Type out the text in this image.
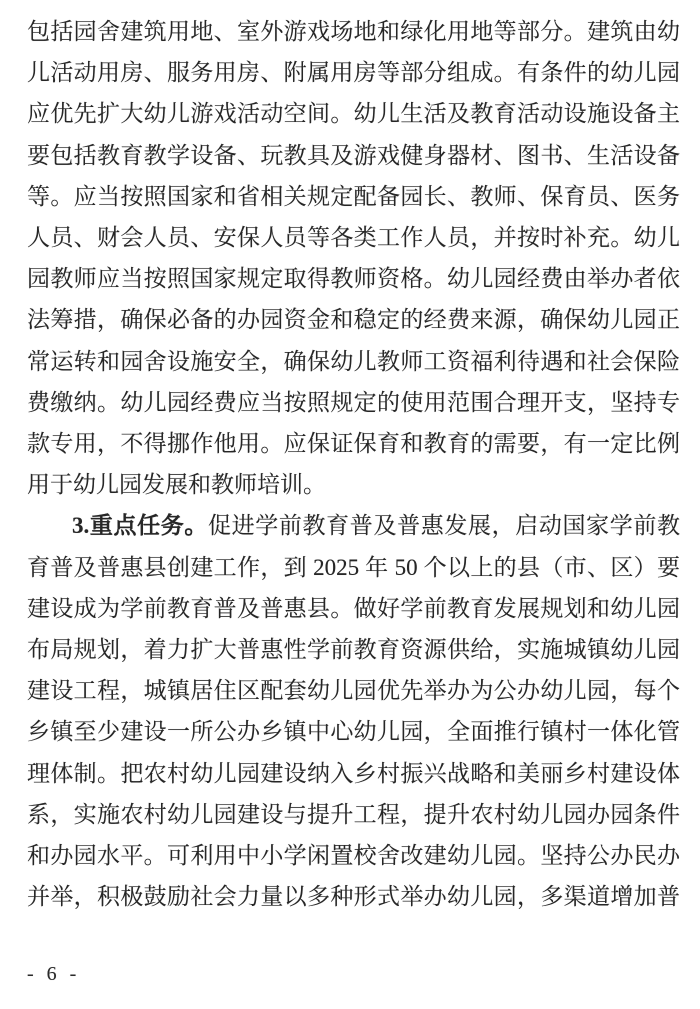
包括园舍建筑用地、室外游戏场地和绿化用地等部分。建筑由幼
儿活动用房、服务用房、附属用房等部分组成。有条件的幼儿园
应优先扩大幼儿游戏活动空间。幼儿生活及教育活动设施设备主
要包括教育教学设备、玩教具及游戏健身器材、图书、生活设备
等。应当按照国家和省相关规定配备园长、教师、保育员、医务
人员、财会人员、安保人员等各类工作人员，并按时补充。幼儿
园教师应当按照国家规定取得教师资格。幼儿园经费由举办者依
法筹措，确保必备的办园资金和稳定的经费来源，确保幼儿园正
常运转和园舍设施安全，确保幼儿教师工资福利待遇和社会保险
费缴纳。幼儿园经费应当按照规定的使用范围合理开支，坚持专
款专用，不得挪作他用。应保证保育和教育的需要，有一定比例
用于幼儿园发展和教师培训。
3.重点任务。促进学前教育普及普惠发展，启动国家学前教
育普及普惠县创建工作，到 2025 年 50 个以上的县（市、区）要
建设成为学前教育普及普惠县。做好学前教育发展规划和幼儿园
布局规划，着力扩大普惠性学前教育资源供给，实施城镇幼儿园
建设工程，城镇居住区配套幼儿园优先举办为公办幼儿园，每个
乡镇至少建设一所公办乡镇中心幼儿园，全面推行镇村一体化管
理体制。把农村幼儿园建设纳入乡村振兴战略和美丽乡村建设体
系，实施农村幼儿园建设与提升工程，提升农村幼儿园办园条件
和办园水平。可利用中小学闲置校舍改建幼儿园。坚持公办民办
并举，积极鼓励社会力量以多种形式举办幼儿园，多渠道增加普
- 6 -
